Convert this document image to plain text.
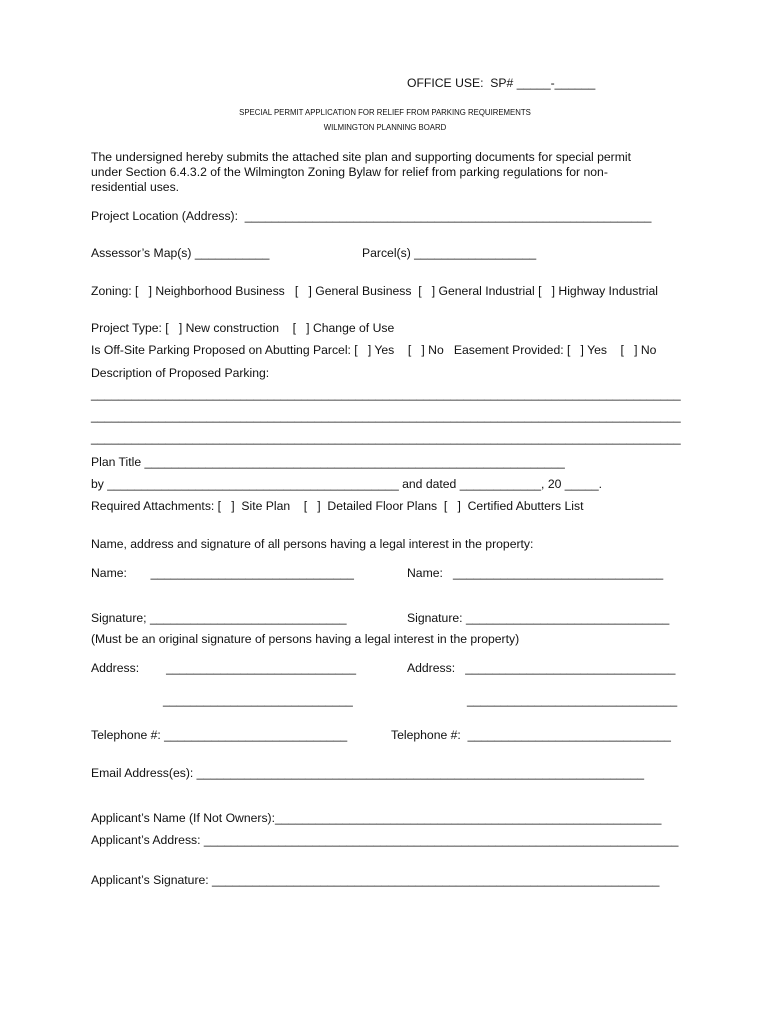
OFFICE USE:  SP# _____-______
SPECIAL PERMIT APPLICATION FOR RELIEF FROM PARKING REQUIREMENTS
WILMINGTON PLANNING BOARD
The undersigned hereby submits the attached site plan and supporting documents for special permit
under Section 6.4.3.2 of the Wilmington Zoning Bylaw for relief from parking regulations for non-
residential uses.
Project Location (Address):  ____________________________________________________________
Assessor’s Map(s) ___________	Parcel(s) __________________
Zoning: [   ] Neighborhood Business   [   ] General Business  [   ] General Industrial [   ] Highway Industrial
Project Type: [   ] New construction    [   ] Change of Use
Is Off-Site Parking Proposed on Abutting Parcel: [   ] Yes    [   ] No   Easement Provided: [   ] Yes    [   ] No
Description of Proposed Parking:
_______________________________________________________________________________________
_______________________________________________________________________________________
_______________________________________________________________________________________
Plan Title ______________________________________________________________
by ___________________________________________ and dated ____________, 20 _____.
Required Attachments: [   ]  Site Plan    [   ]  Detailed Floor Plans  [   ]  Certified Abutters List
Name, address and signature of all persons having a legal interest in the property:
Name:       ______________________________	Name:   _______________________________
Signature; _____________________________	Signature: ______________________________
(Must be an original signature of persons having a legal interest in the property)
Address:        ____________________________	Address:   _______________________________
____________________________	_______________________________
Telephone #: ___________________________	Telephone #:  ______________________________
Email Address(es): __________________________________________________________________
Applicant’s Name (If Not Owners):_________________________________________________________
Applicant’s Address: ______________________________________________________________________
Applicant’s Signature: __________________________________________________________________
